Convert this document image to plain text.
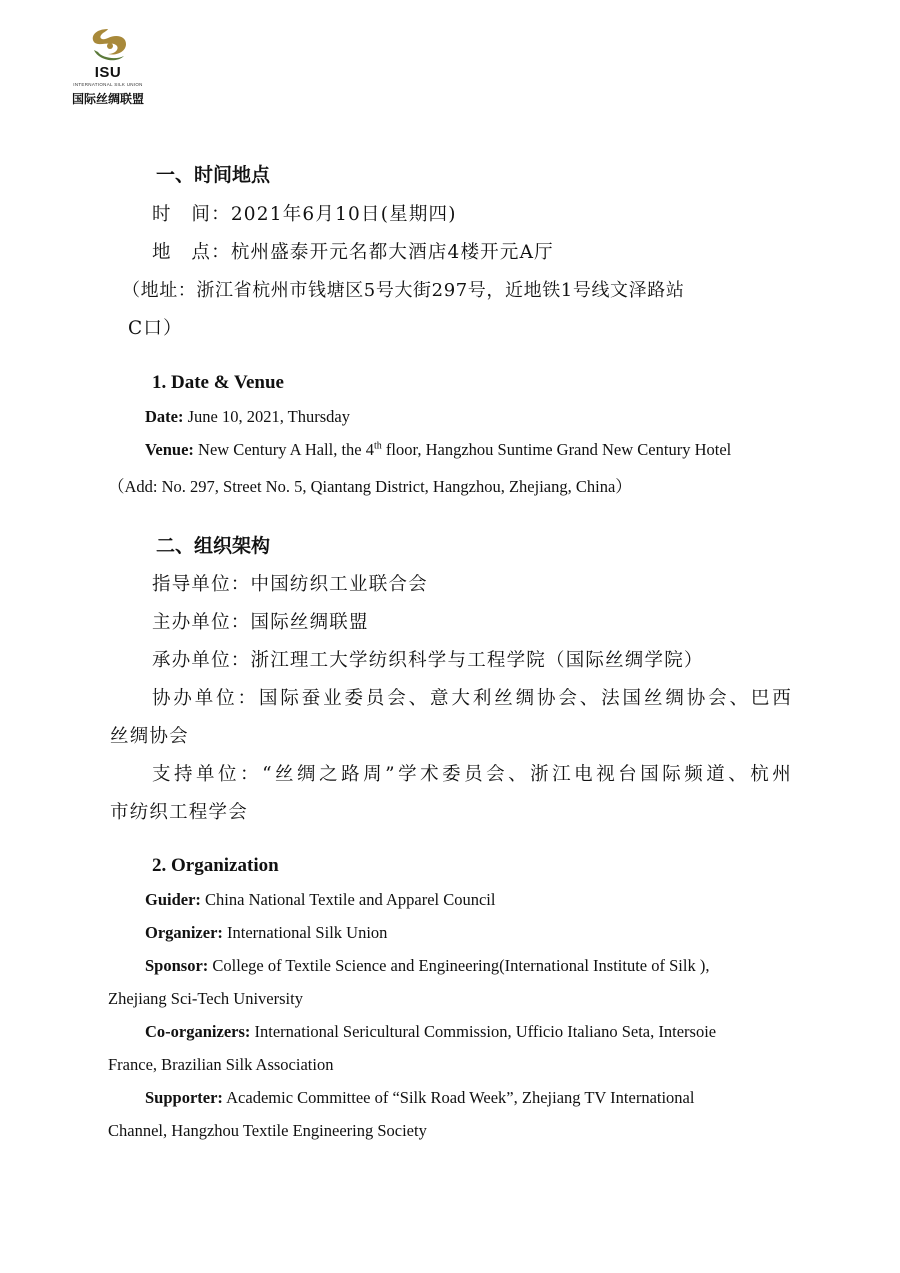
ISU
INTERNATIONAL SILK UNION
国际丝绸联盟
一、时间地点
时　间：2021年6月10日(星期四)
地　点：杭州盛泰开元名都大酒店4楼开元A厅
（地址：浙江省杭州市钱塘区5号大街297号，近地铁1号线文泽路站
C口）
1. Date & Venue
Date: June 10, 2021, Thursday
Venue: New Century A Hall, the 4th floor, Hangzhou Suntime Grand New Century Hotel
（Add: No. 297, Street No. 5, Qiantang District, Hangzhou, Zhejiang, China）
二、组织架构
指导单位：中国纺织工业联合会
主办单位：国际丝绸联盟
承办单位：浙江理工大学纺织科学与工程学院（国际丝绸学院）
协办单位：国际蚕业委员会、意大利丝绸协会、法国丝绸协会、巴西
丝绸协会
支持单位：“丝绸之路周”学术委员会、浙江电视台国际频道、杭州
市纺织工程学会
2. Organization
Guider: China National Textile and Apparel Council
Organizer: International Silk Union
Sponsor: College of Textile Science and Engineering(International Institute of Silk ),
Zhejiang Sci-Tech University
Co-organizers: International Sericultural Commission, Ufficio Italiano Seta, Intersoie
France, Brazilian Silk Association
Supporter: Academic Committee of “Silk Road Week”, Zhejiang TV International
Channel, Hangzhou Textile Engineering Society
